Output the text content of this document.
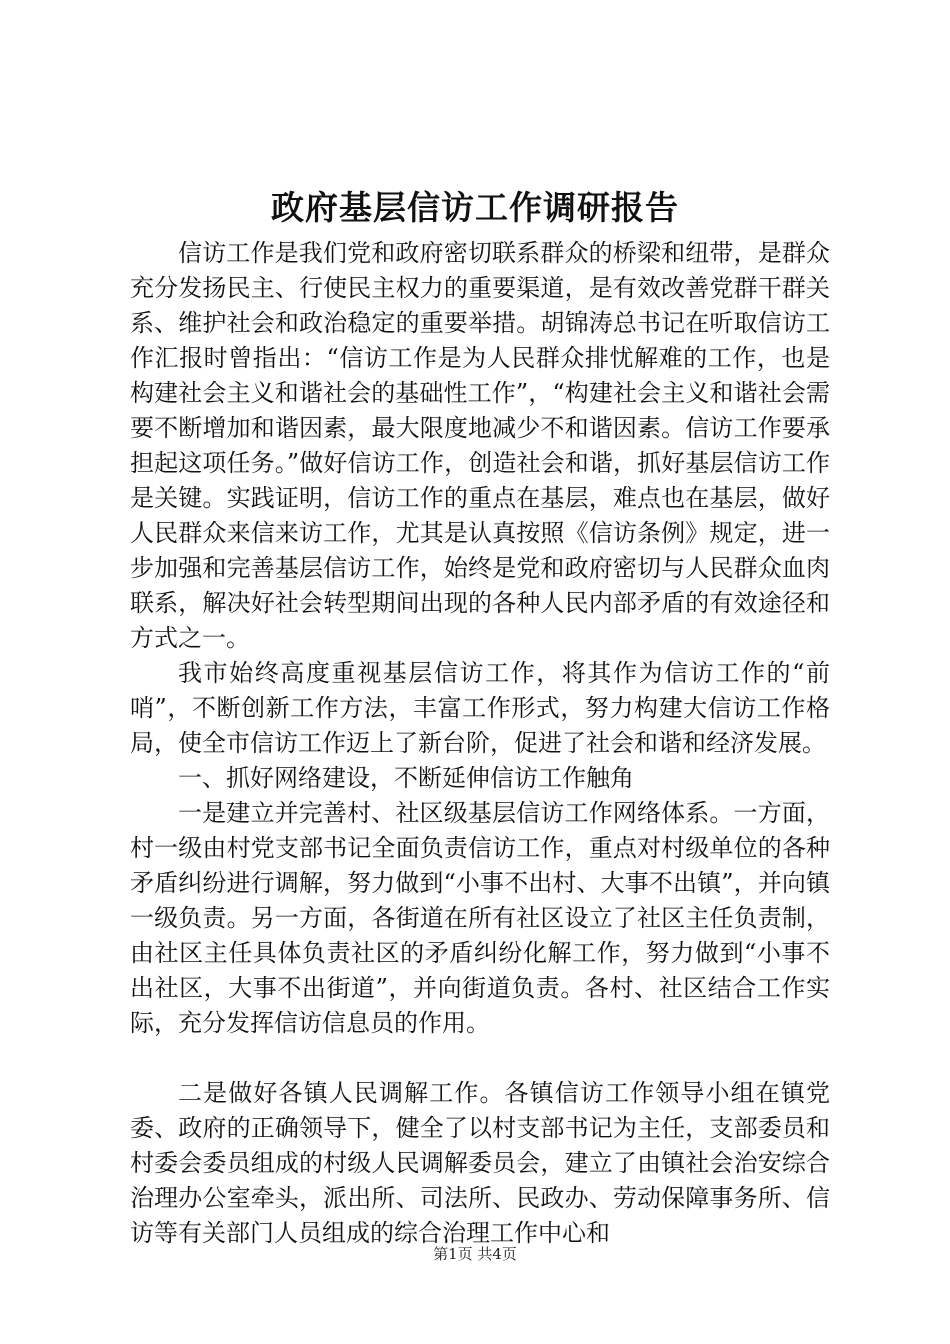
政府基层信访工作调研报告

信访工作是我们党和政府密切联系群众的桥梁和纽带，是群众充分发扬民主、行使民主权力的重要渠道，是有效改善党群干群关系、维护社会和政治稳定的重要举措。胡锦涛总书记在听取信访工作汇报时曾指出：“信访工作是为人民群众排忧解难的工作，也是构建社会主义和谐社会的基础性工作”，“构建社会主义和谐社会需要不断增加和谐因素，最大限度地减少不和谐因素。信访工作要承担起这项任务。”做好信访工作，创造社会和谐，抓好基层信访工作是关键。实践证明，信访工作的重点在基层，难点也在基层，做好人民群众来信来访工作，尤其是认真按照《信访条例》规定，进一步加强和完善基层信访工作，始终是党和政府密切与人民群众血肉联系，解决好社会转型期间出现的各种人民内部矛盾的有效途径和方式之一。

我市始终高度重视基层信访工作，将其作为信访工作的“前哨”，不断创新工作方法，丰富工作形式，努力构建大信访工作格局，使全市信访工作迈上了新台阶，促进了社会和谐和经济发展。

一、抓好网络建设，不断延伸信访工作触角

一是建立并完善村、社区级基层信访工作网络体系。一方面，村一级由村党支部书记全面负责信访工作，重点对村级单位的各种矛盾纠纷进行调解，努力做到“小事不出村、大事不出镇”，并向镇一级负责。另一方面，各街道在所有社区设立了社区主任负责制，由社区主任具体负责社区的矛盾纠纷化解工作，努力做到“小事不出社区，大事不出街道”，并向街道负责。各村、社区结合工作实际，充分发挥信访信息员的作用。

二是做好各镇人民调解工作。各镇信访工作领导小组在镇党委、政府的正确领导下，健全了以村支部书记为主任，支部委员和村委会委员组成的村级人民调解委员会，建立了由镇社会治安综合治理办公室牵头，派出所、司法所、民政办、劳动保障事务所、信访等有关部门人员组成的综合治理工作中心和

第1页 共4页
